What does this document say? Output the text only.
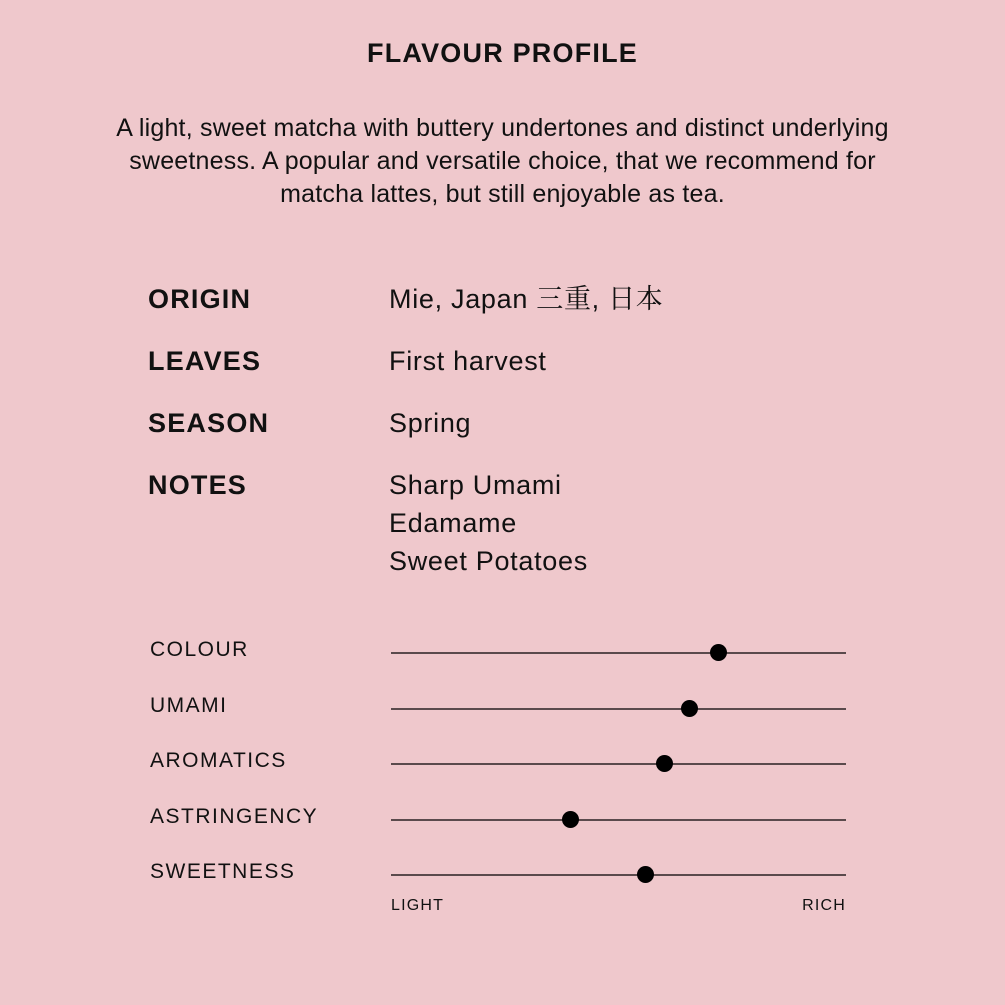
FLAVOUR PROFILE
A light, sweet matcha with buttery undertones and distinct underlying sweetness. A popular and versatile choice, that we recommend for matcha lattes, but still enjoyable as tea.
ORIGIN	Mie, Japan 三重, 日本
LEAVES	First harvest
SEASON	Spring
NOTES	Sharp Umami
Edamame
Sweet Potatoes
COLOUR
UMAMI
AROMATICS
ASTRINGENCY
SWEETNESS
LIGHT	RICH
